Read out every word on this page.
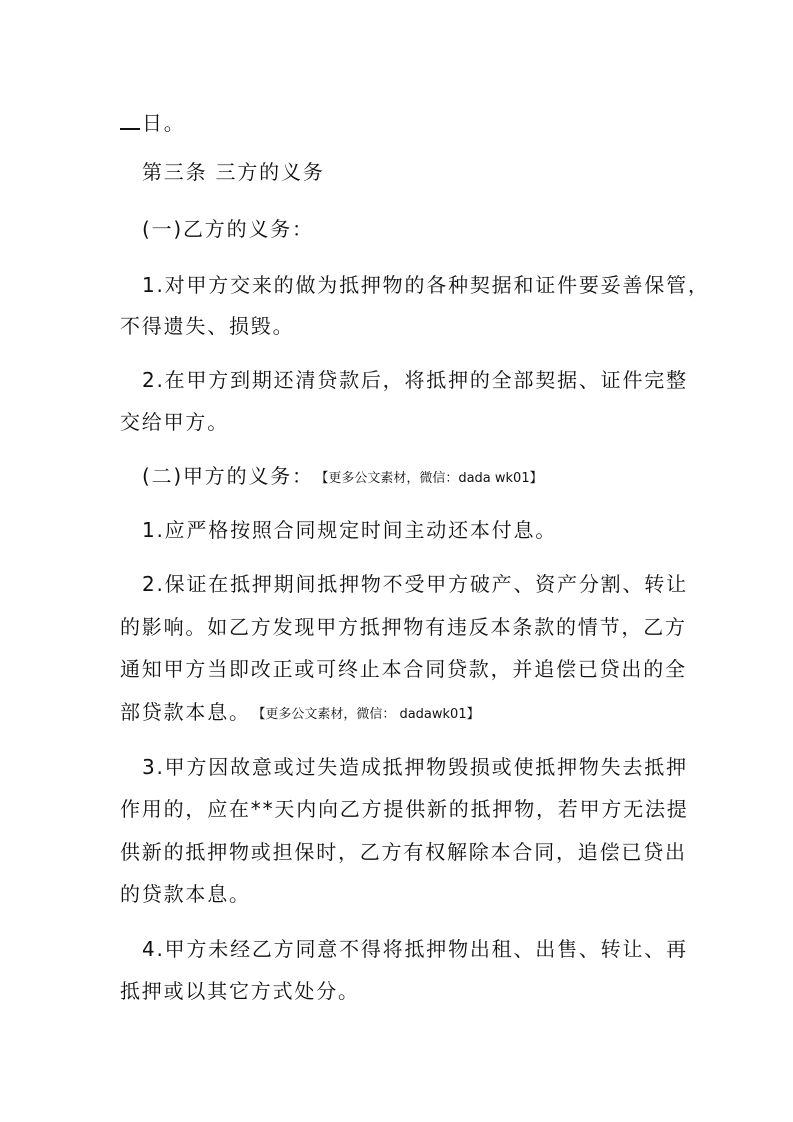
日。
第三条 三方的义务
(一)乙方的义务：
1.对甲方交来的做为抵押物的各种契据和证件要妥善保管，
不得遗失、损毁。
2.在甲方到期还清贷款后，将抵押的全部契据、证件完整
交给甲方。
(二)甲方的义务： 【更多公文素材，微信：dada wk01】
1.应严格按照合同规定时间主动还本付息。
2.保证在抵押期间抵押物不受甲方破产、资产分割、转让
的影响。如乙方发现甲方抵押物有违反本条款的情节，乙方
通知甲方当即改正或可终止本合同贷款，并追偿已贷出的全
部贷款本息。 【更多公文素材，微信： dadawk01】
3.甲方因故意或过失造成抵押物毁损或使抵押物失去抵押
作用的，应在**天内向乙方提供新的抵押物，若甲方无法提
供新的抵押物或担保时，乙方有权解除本合同，追偿已贷出
的贷款本息。
4.甲方未经乙方同意不得将抵押物出租、出售、转让、再
抵押或以其它方式处分。
